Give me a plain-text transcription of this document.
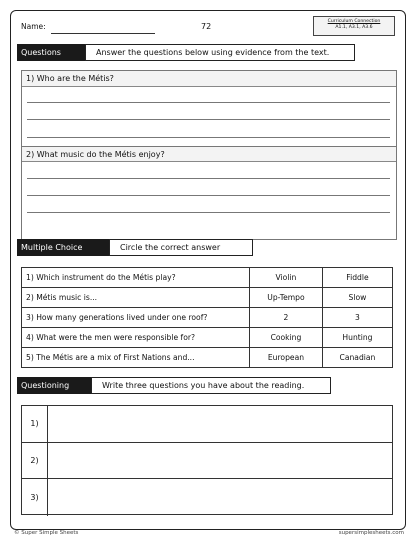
Name:	72
Curriculum Connection
A1.1, A3.1, A3.6
Questions	Answer the questions below using evidence from the text.
1) Who are the Métis?
2) What music do the Métis enjoy?
Multiple Choice	Circle the correct answer
1) Which instrument do the Métis play?	Violin	Fiddle
2) Métis music is...	Up-Tempo	Slow
3) How many generations lived under one roof?	2	3
4) What were the men were responsible for?	Cooking	Hunting
5) The Métis are a mix of First Nations and...	European	Canadian
Questioning	Write three questions you have about the reading.
1)
2)
3)
© Super Simple Sheets	supersimplesheets.com
